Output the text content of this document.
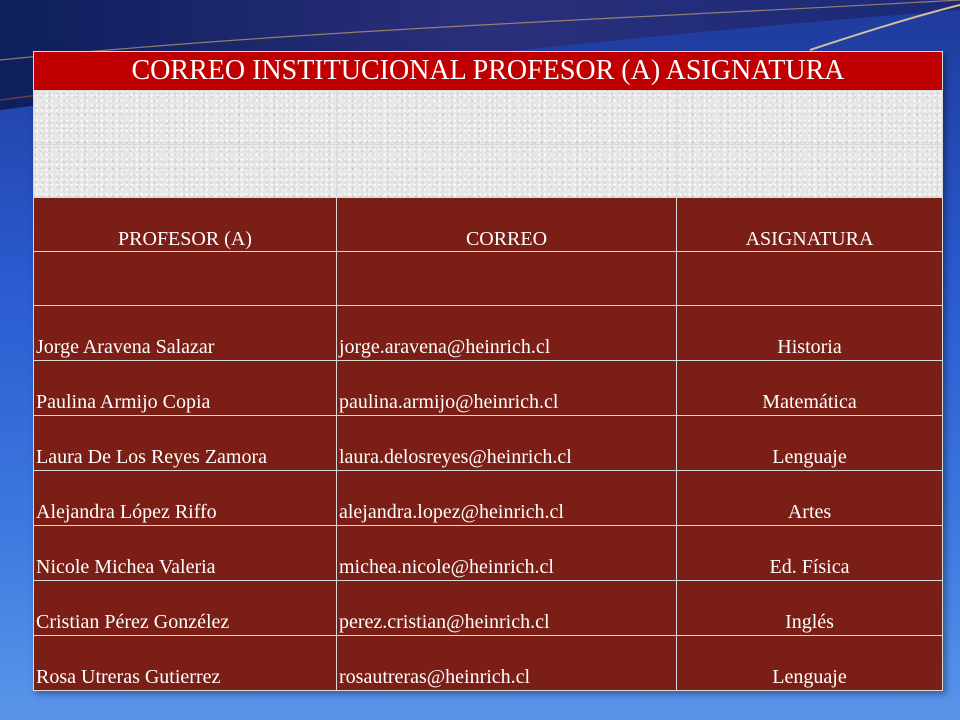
CORREO INSTITUCIONAL PROFESOR (A) ASIGNATURA		

PROFESOR (A)	CORREO	ASIGNATURA

Jorge Aravena Salazar	jorge.aravena@heinrich.cl	Historia
Paulina Armijo Copia	paulina.armijo@heinrich.cl	Matemática
Laura De Los Reyes Zamora	laura.delosreyes@heinrich.cl	Lenguaje
Alejandra López Riffo	alejandra.lopez@heinrich.cl	Artes
Nicole Michea Valeria	michea.nicole@heinrich.cl	Ed. Física
Cristian Pérez Gonzélez	perez.cristian@heinrich.cl	Inglés
Rosa Utreras Gutierrez	rosautreras@heinrich.cl	Lenguaje
